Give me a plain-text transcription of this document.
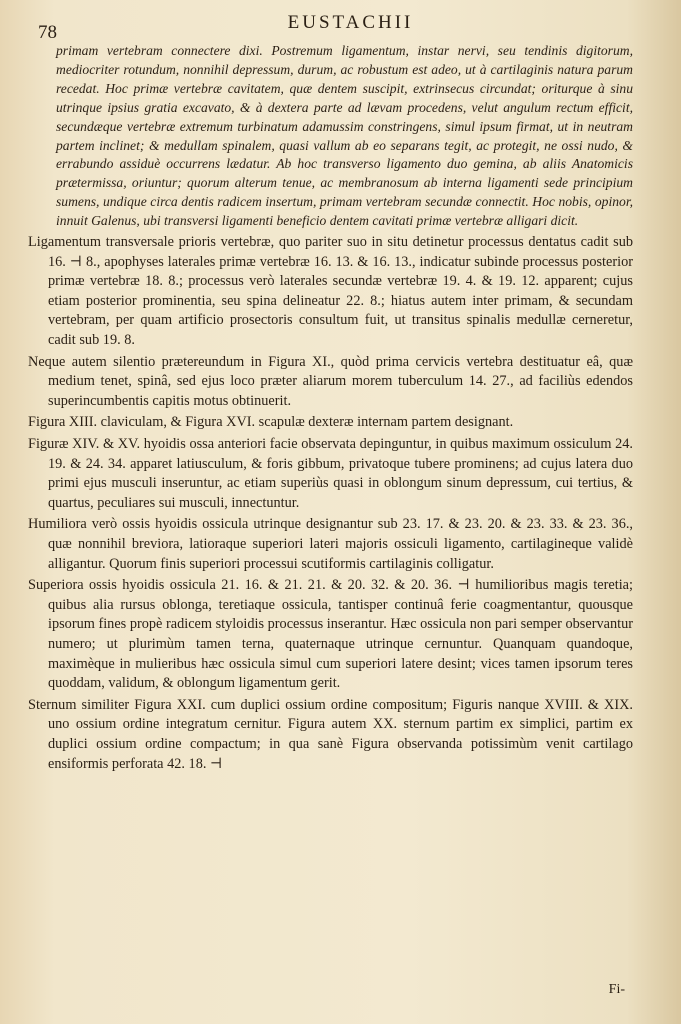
78	EUSTACHII

primam vertebram connectere dixi. Postremum ligamentum, instar nervi, seu tendinis digitorum, mediocriter rotundum, nonnihil depressum, durum, ac robustum est adeo, ut à cartilaginis natura parum recedat. Hoc primæ vertebræ cavitatem, quæ dentem suscipit, extrinsecus circundat; oriturque à sinu utrinque ipsius gratia excavato, & à dextera parte ad lævam procedens, velut angulum rectum efficit, secundæque vertebræ extremum turbinatum adamussim constringens, simul ipsum firmat, ut in neutram partem inclinet; & medullam spinalem, quasi vallum ab eo separans tegit, ac protegit, ne ossi nudo, & errabundo assiduè occurrens lædatur. Ab hoc transverso ligamento duo gemina, ab aliis Anatomicis prætermissa, oriuntur; quorum alterum tenue, ac membranosum ab interna ligamenti sede principium sumens, undique circa dentis radicem insertum, primam vertebram secundæ connectit. Hoc nobis, opinor, innuit Galenus, ubi transversi ligamenti beneficio dentem cavitati primæ vertebræ alligari dicit.

Ligamentum transversale prioris vertebræ, quo pariter suo in situ detinetur processus dentatus cadit sub 16. ⊣ 8., apophyses laterales primæ vertebræ 16. 13. & 16. 13., indicatur subinde processus posterior primæ vertebræ 18. 8.; processus verò laterales secundæ vertebræ 19. 4. & 19. 12. apparent; cujus etiam posterior prominentia, seu spina delineatur 22. 8.; hiatus autem inter primam, & secundam vertebram, per quam artificio prosectoris consultum fuit, ut transitus spinalis medullæ cerneretur, cadit sub 19. 8.

Neque autem silentio prætereundum in Figura XI., quòd prima cervicis vertebra destituatur eâ, quæ medium tenet, spinâ, sed ejus loco præter aliarum morem tuberculum 14. 27., ad faciliùs edendos superincumbentis capitis motus obtinuerit.

Figura XIII. claviculam, & Figura XVI. scapulæ dexteræ internam partem designant.

Figuræ XIV. & XV. hyoidis ossa anteriori facie observata depinguntur, in quibus maximum ossiculum 24. 19. & 24. 34. apparet latiusculum, & foris gibbum, privatoque tubere prominens; ad cujus latera duo primi ejus musculi inseruntur, ac etiam superiùs quasi in oblongum sinum depressum, cui tertius, & quartus, peculiares sui musculi, innectuntur.

Humiliora verò ossis hyoidis ossicula utrinque designantur sub 23. 17. & 23. 20. & 23. 33. & 23. 36., quæ nonnihil breviora, latioraque superiori lateri majoris ossiculi ligamento, cartilagineque validè alligantur. Quorum finis superiori processui scutiformis cartilaginis colligatur.

Superiora ossis hyoidis ossicula 21. 16. & 21. 21. & 20. 32. & 20. 36. ⊣ humilioribus magis teretia; quibus alia rursus oblonga, teretiaque ossicula, tantisper continuâ ferie coagmentantur, quousque ipsorum fines propè radicem styloidis processus inserantur. Hæc ossicula non pari semper observantur numero; ut plurimùm tamen terna, quaternaque utrinque cernuntur. Quanquam quandoque, maximèque in mulieribus hæc ossicula simul cum superiori latere desint; vices tamen ipsorum teres quoddam, validum, & oblongum ligamentum gerit.

Sternum similiter Figura XXI. cum duplici ossium ordine compositum; Figuris nanque XVIII. & XIX. uno ossium ordine integratum cernitur. Figura autem XX. sternum partim ex simplici, partim ex duplici ossium ordine compactum; in qua sanè Figura observanda potissimùm venit cartilago ensiformis perforata 42. 18. ⊣

Fi-
